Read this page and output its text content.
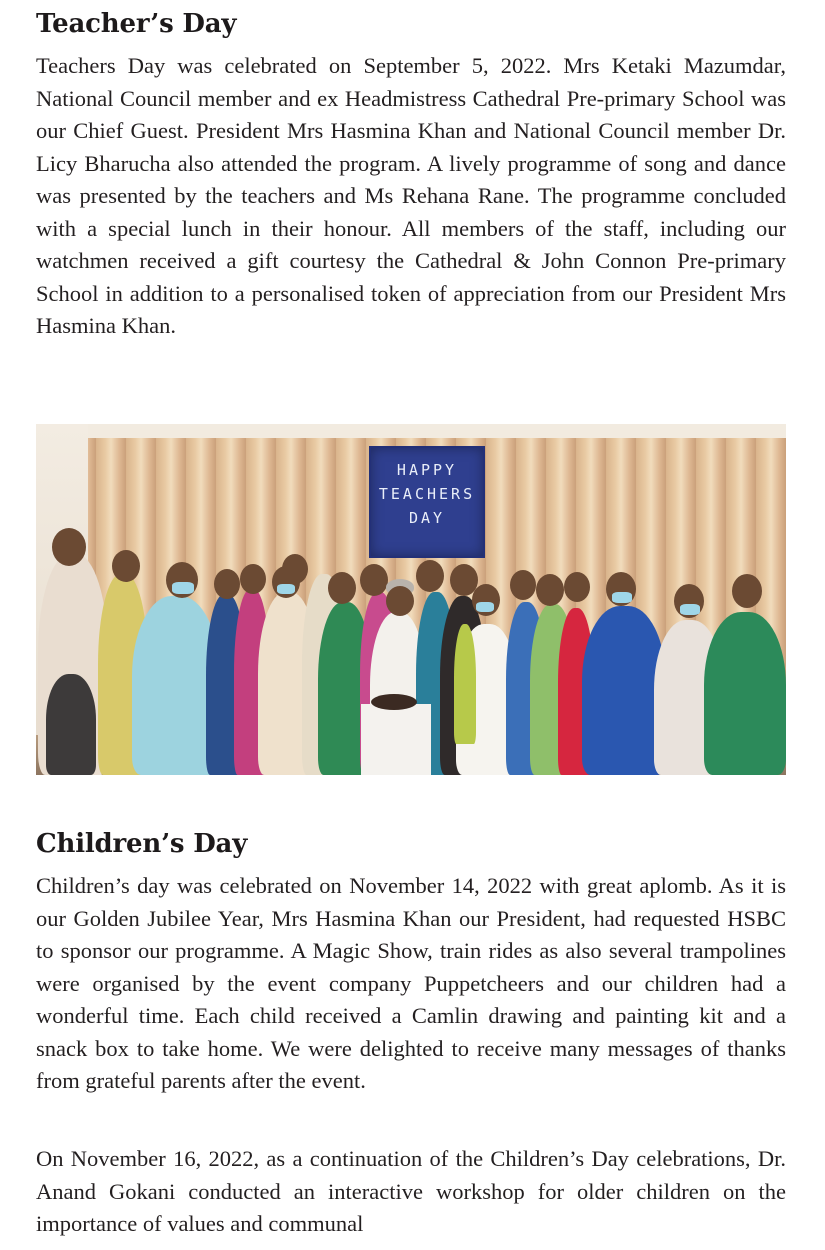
Teacher’s Day

Teachers Day was celebrated on September 5, 2022. Mrs Ketaki Mazumdar, National Council member and ex Headmistress Cathedral Pre-primary School was our Chief Guest. President Mrs Hasmina Khan and National Council member Dr. Licy Bharucha also attended the program. A lively programme of song and dance was presented by the teachers and Ms Rehana Rane. The programme concluded with a special lunch in their honour. All members of the staff, including our watchmen received a gift courtesy the Cathedral & John Connon Pre-primary School in addition to a personalised token of appreciation from our President Mrs Hasmina Khan.

HAPPY
TEACHERS
DAY
Children’s Day

Children’s day was celebrated on November 14, 2022 with great aplomb. As it is our Golden Jubilee Year, Mrs Hasmina Khan our President, had requested HSBC to sponsor our programme. A Magic Show, train rides as also several trampolines were organised by the event company Puppetcheers and our children had a wonderful time. Each child received a Camlin drawing and painting kit and a snack box to take home. We were delighted to receive many messages of thanks from grateful parents after the event.

On November 16, 2022, as a continuation of the Children’s Day celebrations, Dr. Anand Gokani conducted an interactive workshop for older children on the importance of values and communal
